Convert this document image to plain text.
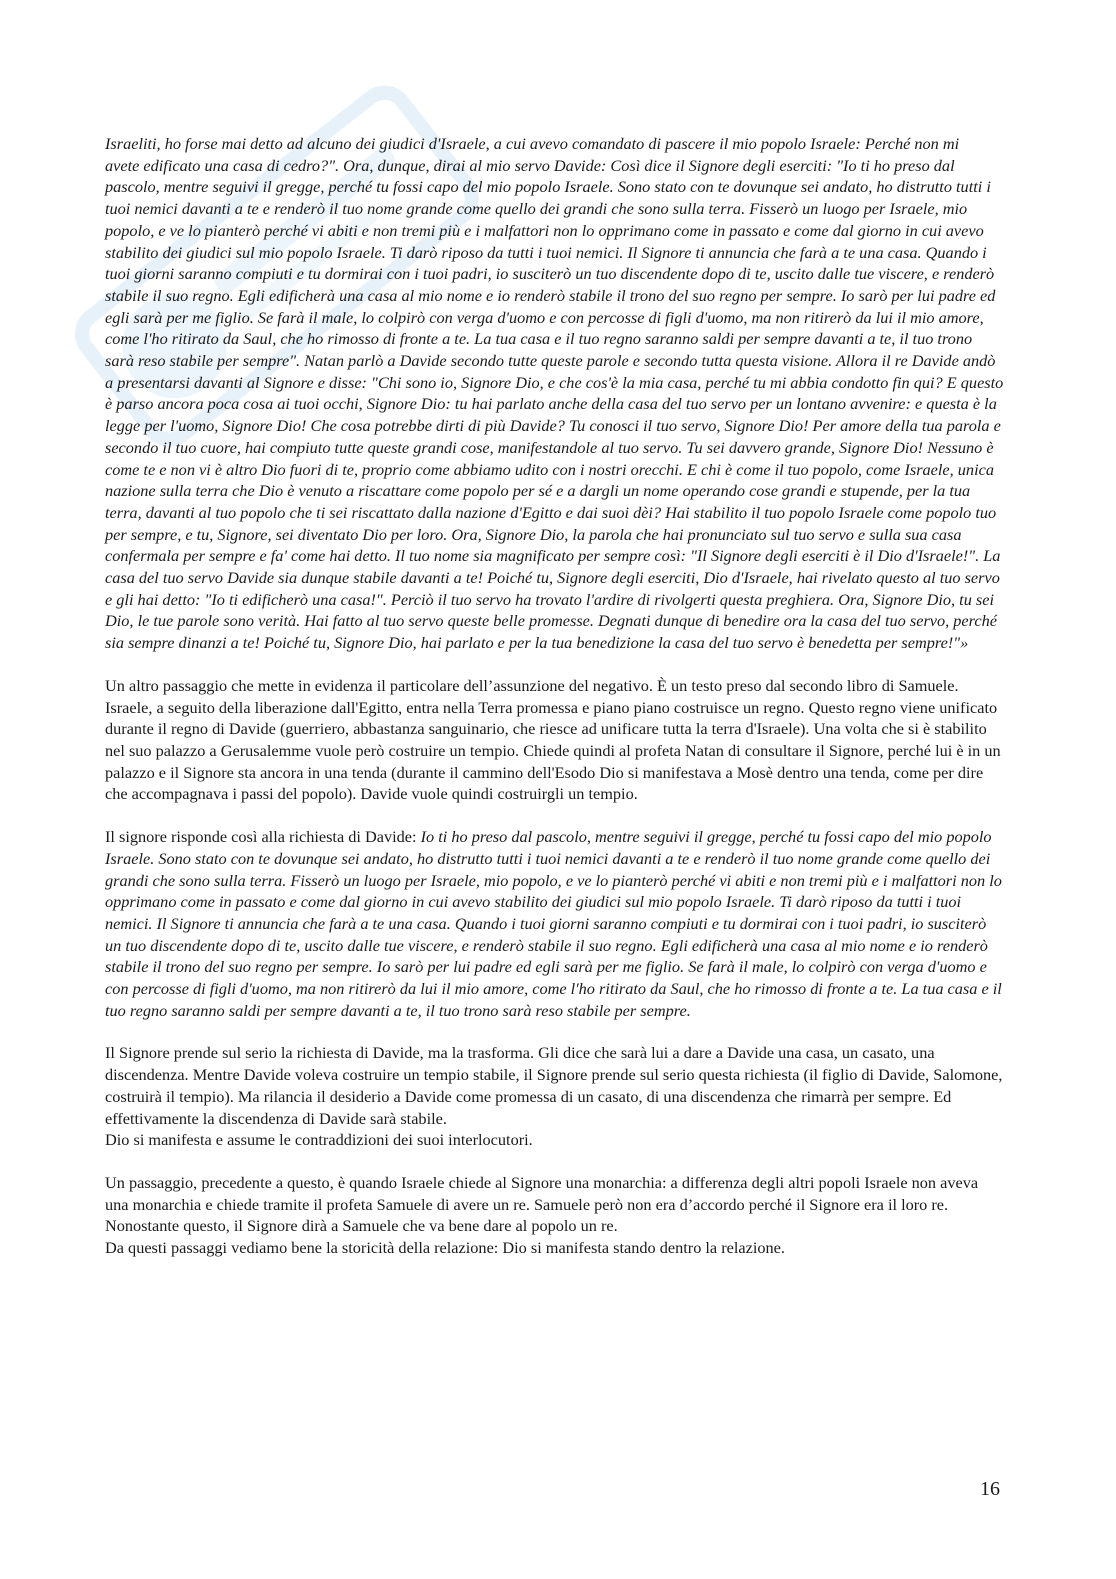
Israeliti, ho forse mai detto ad alcuno dei giudici d'Israele, a cui avevo comandato di pascere il mio popolo Israele: Perché non mi
avete edificato una casa di cedro?". Ora, dunque, dirai al mio servo Davide: Così dice il Signore degli eserciti: "Io ti ho preso dal pascolo, mentre seguivi il gregge, perché tu fossi capo del mio popolo Israele. Sono stato con te dovunque sei andato, ho distrutto tutti i tuoi nemici davanti a te e renderò il tuo nome grande come quello dei grandi che sono sulla terra. Fisserò un luogo per Israele, mio popolo, e ve lo pianterò perché vi abiti e non tremi più e i malfattori non lo opprimano come in passato e come dal giorno in cui avevo stabilito dei giudici sul mio popolo Israele. Ti darò riposo da tutti i tuoi nemici. Il Signore ti annuncia che farà a te una casa. Quando i tuoi giorni saranno compiuti e tu dormirai con i tuoi padri, io susciterò un tuo discendente dopo di te, uscito dalle tue viscere, e renderò stabile il suo regno. Egli edificherà una casa al mio nome e io renderò stabile il trono del suo regno per sempre. Io sarò per lui padre ed egli sarà per me figlio. Se farà il male, lo colpirò con verga d'uomo e con percosse di figli d'uomo, ma non ritirerò da lui il mio amore, come l'ho ritirato da Saul, che ho rimosso di fronte a te. La tua casa e il tuo regno saranno saldi per sempre davanti a te, il tuo trono sarà reso stabile per sempre". Natan parlò a Davide secondo tutte queste parole e secondo tutta questa visione. Allora il re Davide andò a presentarsi davanti al Signore e disse: "Chi sono io, Signore Dio, e che cos'è la mia casa, perché tu mi abbia condotto fin qui? E questo è parso ancora poca cosa ai tuoi occhi, Signore Dio: tu hai parlato anche della casa del tuo servo per un lontano avvenire: e questa è la legge per l'uomo, Signore Dio! Che cosa potrebbe dirti di più Davide? Tu conosci il tuo servo, Signore Dio! Per amore della tua parola e secondo il tuo cuore, hai compiuto tutte queste grandi cose, manifestandole al tuo servo. Tu sei davvero grande, Signore Dio! Nessuno è come te e non vi è altro Dio fuori di te, proprio come abbiamo udito con i nostri orecchi. E chi è come il tuo popolo, come Israele, unica nazione sulla terra che Dio è venuto a riscattare come popolo per sé e a dargli un nome operando cose grandi e stupende, per la tua terra, davanti al tuo popolo che ti sei riscattato dalla nazione d'Egitto e dai suoi dèi? Hai stabilito il tuo popolo Israele come popolo tuo per sempre, e tu, Signore, sei diventato Dio per loro. Ora, Signore Dio, la parola che hai pronunciato sul tuo servo e sulla sua casa confermala per sempre e fa' come hai detto. Il tuo nome sia magnificato per sempre così: "Il Signore degli eserciti è il Dio d'Israele!". La casa del tuo servo Davide sia dunque stabile davanti a te! Poiché tu, Signore degli eserciti, Dio d'Israele, hai rivelato questo al tuo servo e gli hai detto: "Io ti edificherò una casa!". Perciò il tuo servo ha trovato l'ardire di rivolgerti questa preghiera. Ora, Signore Dio, tu sei Dio, le tue parole sono verità. Hai fatto al tuo servo queste belle promesse. Degnati dunque di benedire ora la casa del tuo servo, perché sia sempre dinanzi a te! Poiché tu, Signore Dio, hai parlato e per la tua benedizione la casa del tuo servo è benedetta per sempre!"»

Un altro passaggio che mette in evidenza il particolare dell’assunzione del negativo. È un testo preso dal secondo libro di Samuele. Israele, a seguito della liberazione dall'Egitto, entra nella Terra promessa e piano piano costruisce un regno. Questo regno viene unificato durante il regno di Davide (guerriero, abbastanza sanguinario, che riesce ad unificare tutta la terra d'Israele). Una volta che si è stabilito nel suo palazzo a Gerusalemme vuole però costruire un tempio. Chiede quindi al profeta Natan di consultare il Signore, perché lui è in un palazzo e il Signore sta ancora in una tenda (durante il cammino dell'Esodo Dio si manifestava a Mosè dentro una tenda, come per dire che accompagnava i passi del popolo). Davide vuole quindi costruirgli un tempio.

Il signore risponde così alla richiesta di Davide: Io ti ho preso dal pascolo, mentre seguivi il gregge, perché tu fossi capo del mio popolo Israele. Sono stato con te dovunque sei andato, ho distrutto tutti i tuoi nemici davanti a te e renderò il tuo nome grande come quello dei grandi che sono sulla terra. Fisserò un luogo per Israele, mio popolo, e ve lo pianterò perché vi abiti e non tremi più e i malfattori non lo opprimano come in passato e come dal giorno in cui avevo stabilito dei giudici sul mio popolo Israele. Ti darò riposo da tutti i tuoi nemici. Il Signore ti annuncia che farà a te una casa. Quando i tuoi giorni saranno compiuti e tu dormirai con i tuoi padri, io susciterò un tuo discendente dopo di te, uscito dalle tue viscere, e renderò stabile il suo regno. Egli edificherà una casa al mio nome e io renderò stabile il trono del suo regno per sempre. Io sarò per lui padre ed egli sarà per me figlio. Se farà il male, lo colpirò con verga d'uomo e con percosse di figli d'uomo, ma non ritirerò da lui il mio amore, come l'ho ritirato da Saul, che ho rimosso di fronte a te. La tua casa e il tuo regno saranno saldi per sempre davanti a te, il tuo trono sarà reso stabile per sempre.

Il Signore prende sul serio la richiesta di Davide, ma la trasforma. Gli dice che sarà lui a dare a Davide una casa, un casato, una discendenza. Mentre Davide voleva costruire un tempio stabile, il Signore prende sul serio questa richiesta (il figlio di Davide, Salomone, costruirà il tempio). Ma rilancia il desiderio a Davide come promessa di un casato, di una discendenza che rimarrà per sempre. Ed effettivamente la discendenza di Davide sarà stabile.
Dio si manifesta e assume le contraddizioni dei suoi interlocutori.

Un passaggio, precedente a questo, è quando Israele chiede al Signore una monarchia: a differenza degli altri popoli Israele non aveva una monarchia e chiede tramite il profeta Samuele di avere un re. Samuele però non era d’accordo perché il Signore era il loro re. Nonostante questo, il Signore dirà a Samuele che va bene dare al popolo un re.
Da questi passaggi vediamo bene la storicità della relazione: Dio si manifesta stando dentro la relazione.

16
